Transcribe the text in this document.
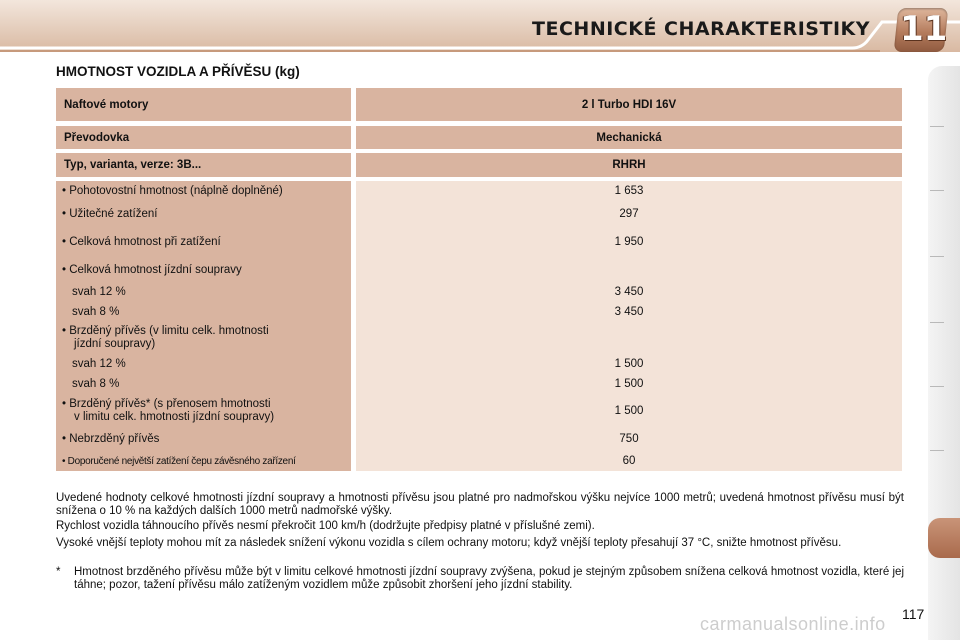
TECHNICKÉ CHARAKTERISTIKY 11
HMOTNOST VOZIDLA A PŘÍVĚSU (kg)
Naftové motory	2 l Turbo HDI 16V
Převodovka	Mechanická
Typ, varianta, verze: 3B...	RHRH
• Pohotovostní hmotnost (náplně doplněné)	1 653
• Užitečné zatížení	297
• Celková hmotnost při zatížení	1 950
• Celková hmotnost jízdní soupravy
svah 12 %	3 450
svah 8 %	3 450
• Brzděný přívěs (v limitu celk. hmotnosti
jízdní soupravy)
svah 12 %	1 500
svah 8 %	1 500
• Brzděný přívěs* (s přenosem hmotnosti
v limitu celk. hmotnosti jízdní soupravy)	1 500
• Nebrzděný přívěs	750
• Doporučené největší zatížení čepu závěsného zařízení	60
Uvedené hodnoty celkové hmotnosti jízdní soupravy a hmotnosti přívěsu jsou platné pro nadmořskou výšku nejvíce 1000 metrů; uvedená hmotnost přívěsu musí být snížena o 10 % na každých dalších 1000 metrů nadmořské výšky.
Rychlost vozidla táhnoucího přívěs nesmí překročit 100 km/h (dodržujte předpisy platné v příslušné zemi).
Vysoké vnější teploty mohou mít za následek snížení výkonu vozidla s cílem ochrany motoru; když vnější teploty přesahují 37 °C, snižte hmotnost přívěsu.
* Hmotnost brzděného přívěsu může být v limitu celkové hmotnosti jízdní soupravy zvýšena, pokud je stejným způsobem snížena celková hmotnost vozidla, které jej táhne; pozor, tažení přívěsu málo zatíženým vozidlem může způsobit zhoršení jeho jízdní stability.
carmanualsonline.info	117
